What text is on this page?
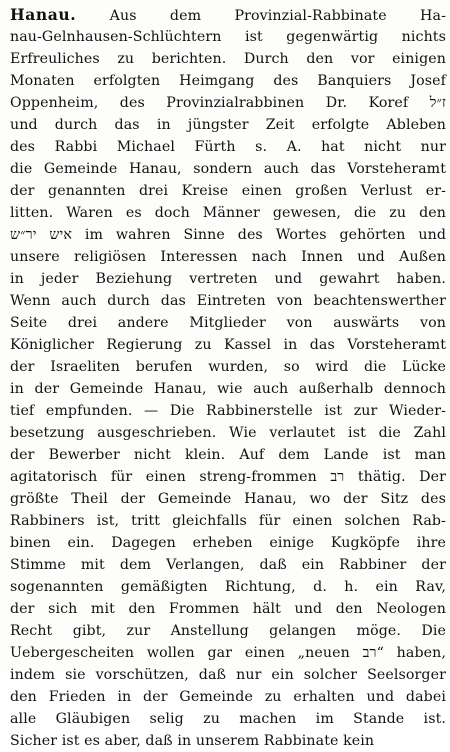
Hanau. Aus dem Provinzial-Rabbinate Ha-
nau-Gelnhausen-Schlüchtern ist gegenwärtig nichts
Erfreuliches zu berichten. Durch den vor einigen
Monaten erfolgten Heimgang des Banquiers Josef
Oppenheim, des Provinzialrabbinen Dr. Koref ז״ל
und durch das in jüngster Zeit erfolgte Ableben
des Rabbi Michael Fürth s. A. hat nicht nur
die Gemeinde Hanau, sondern auch das Vorsteheramt
der genannten drei Kreise einen großen Verlust er-
litten. Waren es doch Männer gewesen, die zu den
איש יר״ש im wahren Sinne des Wortes gehörten und
unsere religiösen Interessen nach Innen und Außen
in jeder Beziehung vertreten und gewahrt haben.
Wenn auch durch das Eintreten von beachtenswerther
Seite drei andere Mitglieder von auswärts von
Königlicher Regierung zu Kassel in das Vorsteheramt
der Israeliten berufen wurden, so wird die Lücke
in der Gemeinde Hanau, wie auch außerhalb dennoch
tief empfunden. — Die Rabbinerstelle ist zur Wieder-
besetzung ausgeschrieben. Wie verlautet ist die Zahl
der Bewerber nicht klein. Auf dem Lande ist man
agitatorisch für einen streng-frommen רב thätig. Der
größte Theil der Gemeinde Hanau, wo der Sitz des
Rabbiners ist, tritt gleichfalls für einen solchen Rab-
binen ein. Dagegen erheben einige Kugköpfe ihre
Stimme mit dem Verlangen, daß ein Rabbiner der
sogenannten gemäßigten Richtung, d. h. ein Rav,
der sich mit den Frommen hält und den Neologen
Recht gibt, zur Anstellung gelangen möge. Die
Uebergescheiten wollen gar einen „neuen רב“ haben,
indem sie vorschützen, daß nur ein solcher Seelsorger
den Frieden in der Gemeinde zu erhalten und dabei
alle Gläubigen selig zu machen im Stande ist.
Sicher ist es aber, daß in unserem Rabbinate kein
